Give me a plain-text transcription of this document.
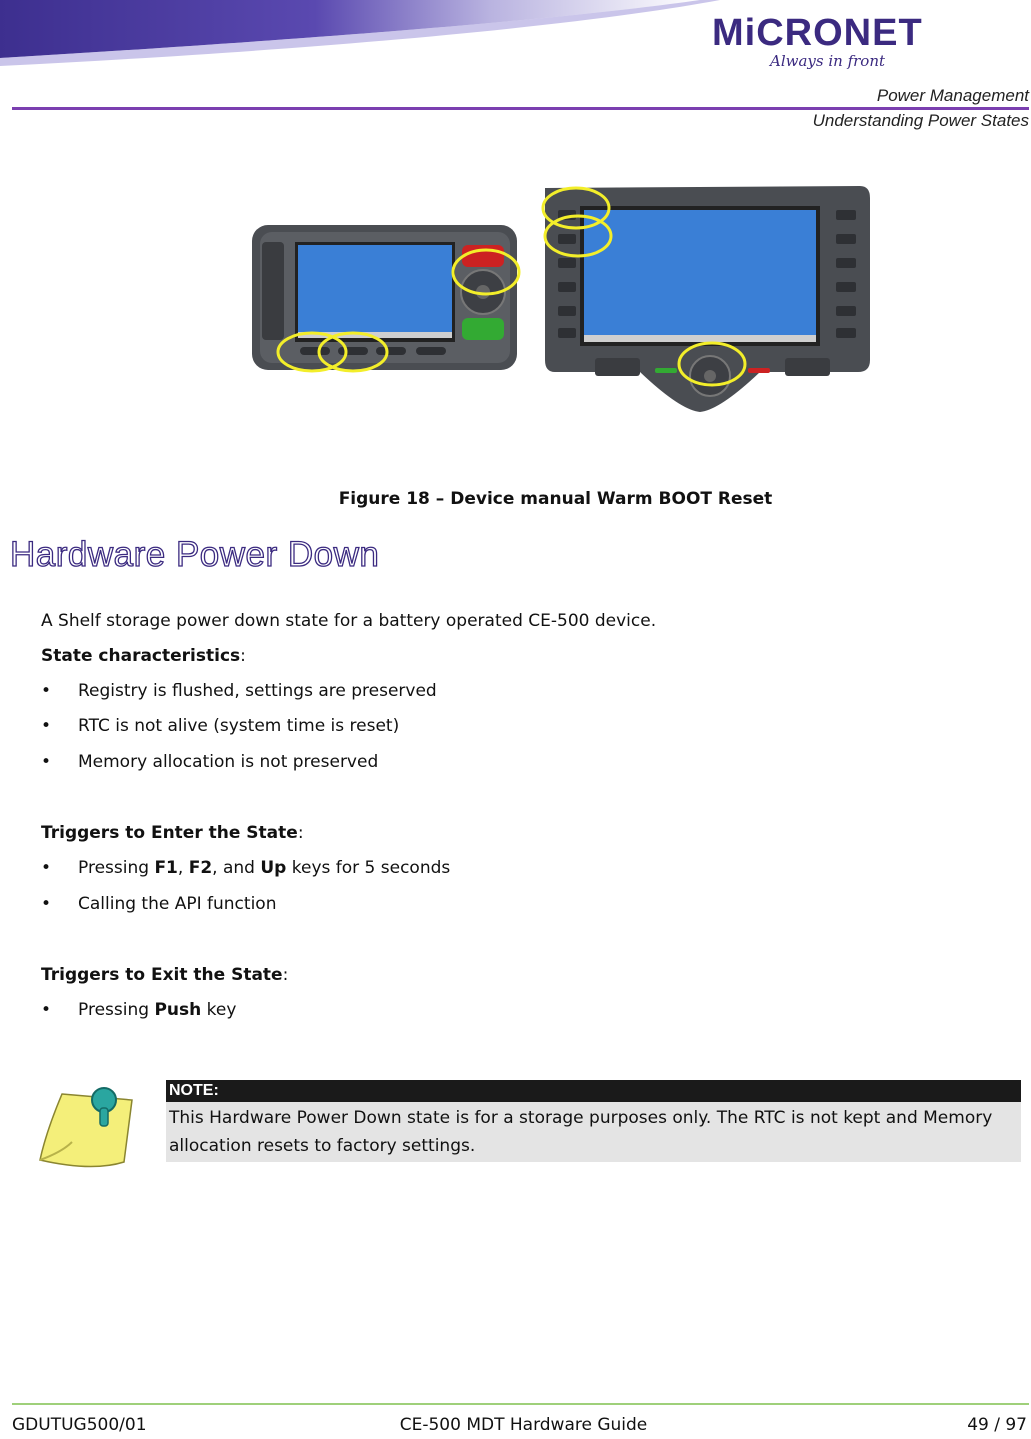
MiCRONET
Always in front
Power Management
Understanding Power States
Figure 18 – Device manual Warm BOOT Reset
Hardware Power Down
A Shelf storage power down state for a battery operated CE-500 device.
State characteristics:
• Registry is flushed, settings are preserved
• RTC is not alive (system time is reset)
• Memory allocation is not preserved
Triggers to Enter the State:
• Pressing F1, F2, and Up keys for 5 seconds
• Calling the API function
Triggers to Exit the State:
• Pressing Push key
NOTE:
This Hardware Power Down state is for a storage purposes only. The RTC is not kept and Memory allocation resets to factory settings.
GDUTUG500/01	CE-500 MDT Hardware Guide	49 / 97
